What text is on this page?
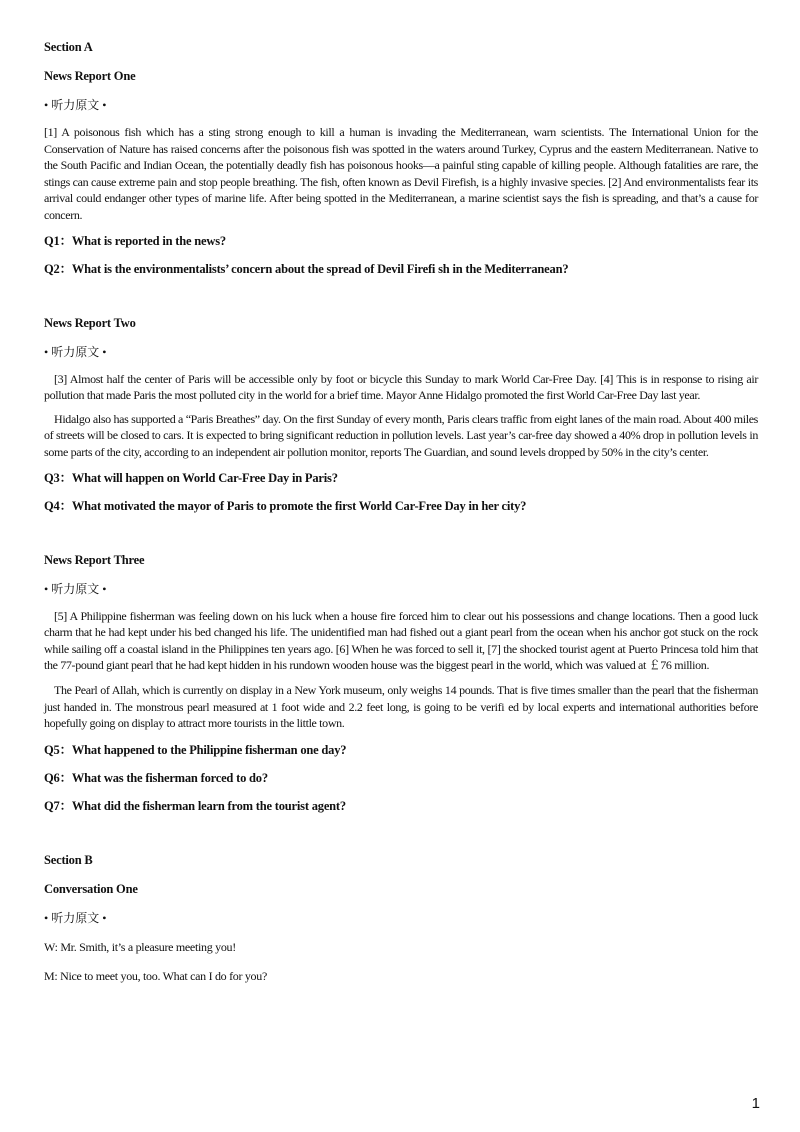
Section A

News Report One

• 听力原文 •

[1] A poisonous fish which has a sting strong enough to kill a human is invading the Mediterranean, warn scientists. The International Union for the Conservation of Nature has raised concerns after the poisonous fish was spotted in the waters around Turkey, Cyprus and the eastern Mediterranean. Native to the South Pacific and Indian Ocean, the potentially deadly fish has poisonous hooks—a painful sting capable of killing people. Although fatalities are rare, the stings can cause extreme pain and stop people breathing. The fish, often known as Devil Firefish, is a highly invasive species. [2] And environmentalists fear its arrival could endanger other types of marine life. After being spotted in the Mediterranean, a marine scientist says the fish is spreading, and that’s a cause for concern.

Q1：What is reported in the news?

Q2：What is the environmentalists’ concern about the spread of Devil Firefi sh in the Mediterranean?

News Report Two

• 听力原文 •

[3] Almost half the center of Paris will be accessible only by foot or bicycle this Sunday to mark World Car-Free Day. [4] This is in response to rising air pollution that made Paris the most polluted city in the world for a brief time. Mayor Anne Hidalgo promoted the first World Car-Free Day last year.

Hidalgo also has supported a “Paris Breathes” day. On the first Sunday of every month, Paris clears traffic from eight lanes of the main road. About 400 miles of streets will be closed to cars. It is expected to bring significant reduction in pollution levels. Last year’s car-free day showed a 40% drop in pollution levels in some parts of the city, according to an independent air pollution monitor, reports The Guardian, and sound levels dropped by 50% in the city’s center.

Q3：What will happen on World Car-Free Day in Paris?

Q4：What motivated the mayor of Paris to promote the first World Car-Free Day in her city?

News Report Three

• 听力原文 •

[5] A Philippine fisherman was feeling down on his luck when a house fire forced him to clear out his possessions and change locations. Then a good luck charm that he had kept under his bed changed his life. The unidentified man had fished out a giant pearl from the ocean when his anchor got stuck on the rock while sailing off a coastal island in the Philippines ten years ago. [6] When he was forced to sell it, [7] the shocked tourist agent at Puerto Princesa told him that the 77-pound giant pearl that he had kept hidden in his rundown wooden house was the biggest pearl in the world, which was valued at ￡76 million.

The Pearl of Allah, which is currently on display in a New York museum, only weighs 14 pounds. That is five times smaller than the pearl that the fisherman just handed in. The monstrous pearl measured at 1 foot wide and 2.2 feet long, is going to be verifi ed by local experts and international authorities before hopefully going on display to attract more tourists in the little town.

Q5：What happened to the Philippine fisherman one day?

Q6：What was the fisherman forced to do?

Q7：What did the fisherman learn from the tourist agent?

Section B

Conversation One

• 听力原文 •

W: Mr. Smith, it’s a pleasure meeting you!

M: Nice to meet you, too. What can I do for you?

1
